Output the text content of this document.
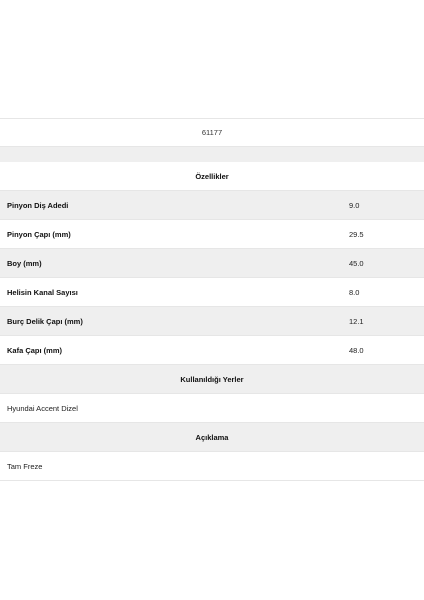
61177
Özellikler
Pinyon Diş Adedi	9.0
Pinyon Çapı (mm)	29.5
Boy (mm)	45.0
Helisin Kanal Sayısı	8.0
Burç Delik Çapı (mm)	12.1
Kafa Çapı (mm)	48.0
Kullanıldığı Yerler
Hyundai Accent Dizel
Açıklama
Tam Freze
